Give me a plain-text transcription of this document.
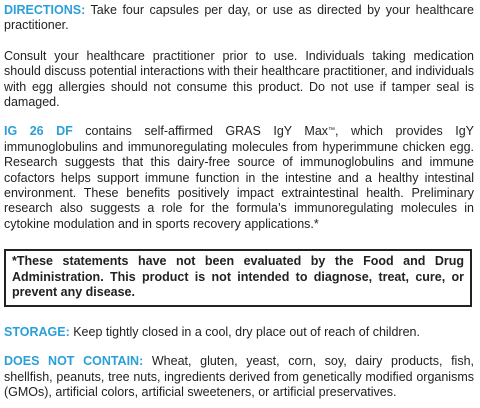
DIRECTIONS: Take four capsules per day, or use as directed by your healthcare practitioner.

Consult your healthcare practitioner prior to use. Individuals taking medication should discuss potential interactions with their healthcare practitioner, and individuals with egg allergies should not consume this product. Do not use if tamper seal is damaged.

IG 26 DF contains self-affirmed GRAS IgY Max™, which provides IgY immunoglobulins and immunoregulating molecules from hyperimmune chicken egg. Research suggests that this dairy-free source of immunoglobulins and immune cofactors helps support immune function in the intestine and a healthy intestinal environment. These benefits positively impact extraintestinal health. Preliminary research also suggests a role for the formula’s immunoregulating molecules in cytokine modulation and in sports recovery applications.*

*These statements have not been evaluated by the Food and Drug Administration. This product is not intended to diagnose, treat, cure, or prevent any disease.

STORAGE: Keep tightly closed in a cool, dry place out of reach of children.

DOES NOT CONTAIN: Wheat, gluten, yeast, corn, soy, dairy products, fish, shellfish, peanuts, tree nuts, ingredients derived from genetically modified organisms (GMOs), artificial colors, artificial sweeteners, or artificial preservatives.
